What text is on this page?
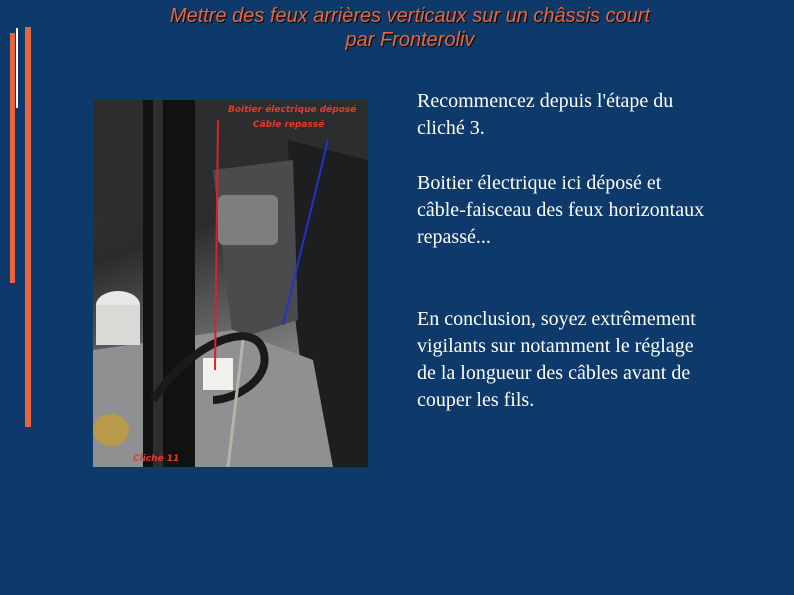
Mettre des feux arrières verticaux sur un châssis court
par Fronteroliv
Boitier électrique déposé
Câble repassé
Cliché 11
Recommencez depuis l'étape du cliché 3.
Boitier électrique ici déposé et câble-faisceau des feux horizontaux repassé...
En conclusion, soyez extrêmement vigilants sur notamment le réglage de la longueur des câbles avant de couper les fils.
